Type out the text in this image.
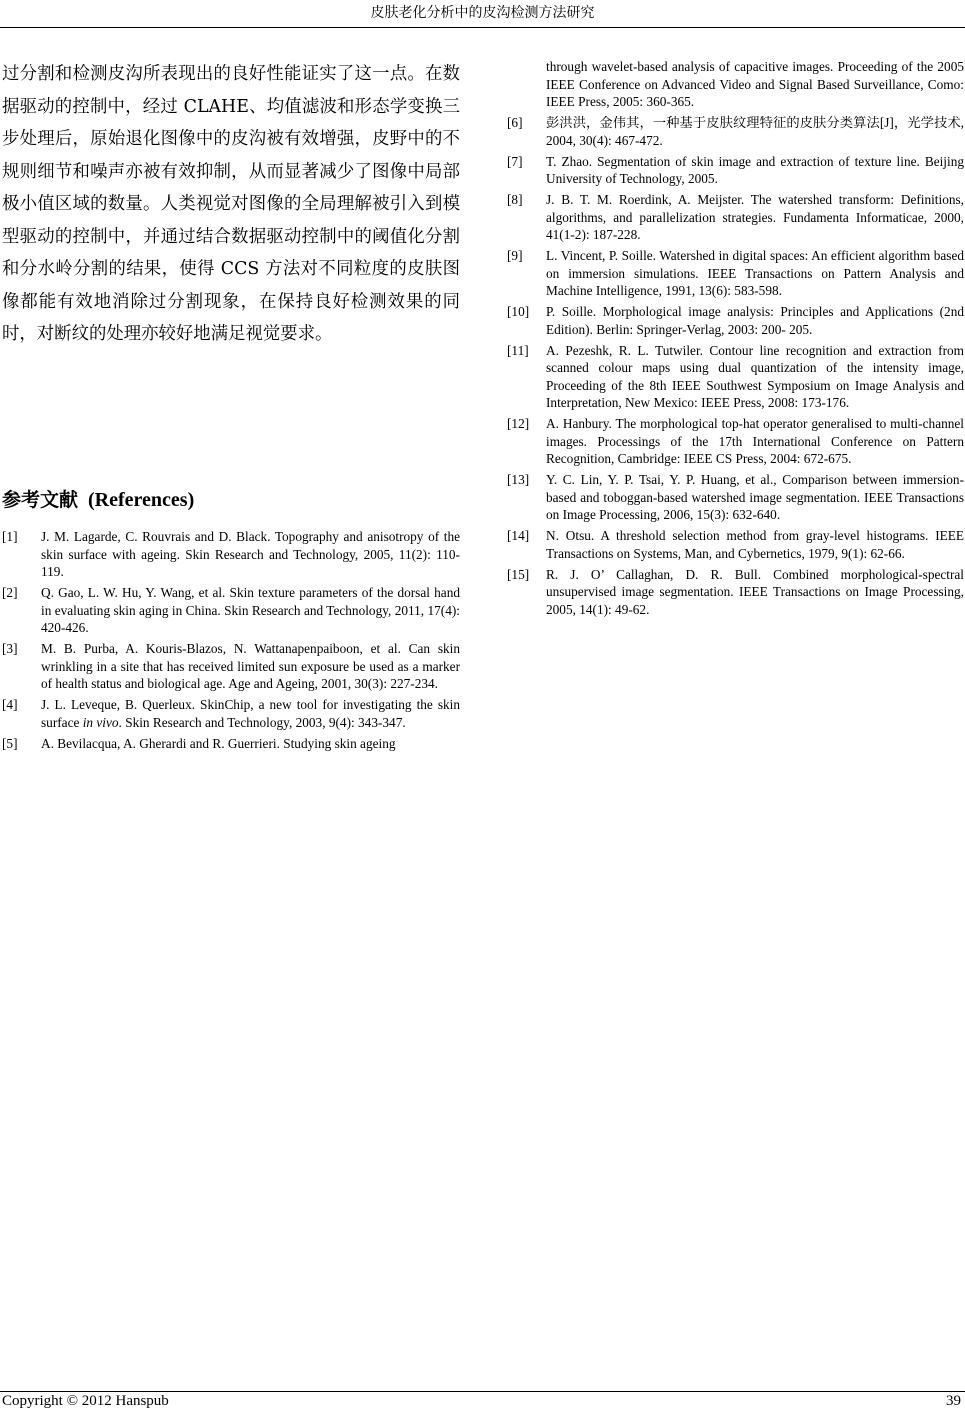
皮肤老化分析中的皮沟检测方法研究

过分割和检测皮沟所表现出的良好性能证实了这一点。在数据驱动的控制中，经过 CLAHE、均值滤波和形态学变换三步处理后，原始退化图像中的皮沟被有效增强，皮野中的不规则细节和噪声亦被有效抑制，从而显著减少了图像中局部极小值区域的数量。人类视觉对图像的全局理解被引入到模型驱动的控制中，并通过结合数据驱动控制中的阈值化分割和分水岭分割的结果，使得 CCS 方法对不同粒度的皮肤图像都能有效地消除过分割现象，在保持良好检测效果的同时，对断纹的处理亦较好地满足视觉要求。

参考文献 (References)
[1]	J. M. Lagarde, C. Rouvrais and D. Black. Topography and anisotropy of the skin surface with ageing. Skin Research and Technology, 2005, 11(2): 110-119.
[2]	Q. Gao, L. W. Hu, Y. Wang, et al. Skin texture parameters of the dorsal hand in evaluating skin aging in China. Skin Research and Technology, 2011, 17(4): 420-426.
[3]	M. B. Purba, A. Kouris-Blazos, N. Wattanapenpaiboon, et al. Can skin wrinkling in a site that has received limited sun exposure be used as a marker of health status and biological age. Age and Ageing, 2001, 30(3): 227-234.
[4]	J. L. Leveque, B. Querleux. SkinChip, a new tool for investigating the skin surface in vivo. Skin Research and Technology, 2003, 9(4): 343-347.
[5]	A. Bevilacqua, A. Gherardi and R. Guerrieri. Studying skin ageing
through wavelet-based analysis of capacitive images. Proceeding of the 2005 IEEE Conference on Advanced Video and Signal Based Surveillance, Como: IEEE Press, 2005: 360-365.
[6]	彭洪洪，金伟其，一种基于皮肤纹理特征的皮肤分类算法[J]，光学技术, 2004, 30(4): 467-472.
[7]	T. Zhao. Segmentation of skin image and extraction of texture line. Beijing University of Technology, 2005.
[8]	J. B. T. M. Roerdink, A. Meijster. The watershed transform: Definitions, algorithms, and parallelization strategies. Fundamenta Informaticae, 2000, 41(1-2): 187-228.
[9]	L. Vincent, P. Soille. Watershed in digital spaces: An efficient algorithm based on immersion simulations. IEEE Transactions on Pattern Analysis and Machine Intelligence, 1991, 13(6): 583-598.
[10]	P. Soille. Morphological image analysis: Principles and Applications (2nd Edition). Berlin: Springer-Verlag, 2003: 200- 205.
[11]	A. Pezeshk, R. L. Tutwiler. Contour line recognition and extraction from scanned colour maps using dual quantization of the intensity image, Proceeding of the 8th IEEE Southwest Symposium on Image Analysis and Interpretation, New Mexico: IEEE Press, 2008: 173-176.
[12]	A. Hanbury. The morphological top-hat operator generalised to multi-channel images. Processings of the 17th International Conference on Pattern Recognition, Cambridge: IEEE CS Press, 2004: 672-675.
[13]	Y. C. Lin, Y. P. Tsai, Y. P. Huang, et al., Comparison between immersion-based and toboggan-based watershed image segmentation. IEEE Transactions on Image Processing, 2006, 15(3): 632-640.
[14]	N. Otsu. A threshold selection method from gray-level histograms. IEEE Transactions on Systems, Man, and Cybernetics, 1979, 9(1): 62-66.
[15]	R. J. O’ Callaghan, D. R. Bull. Combined morphological-spectral unsupervised image segmentation. IEEE Transactions on Image Processing, 2005, 14(1): 49-62.
Copyright © 2012 Hanspub	39
